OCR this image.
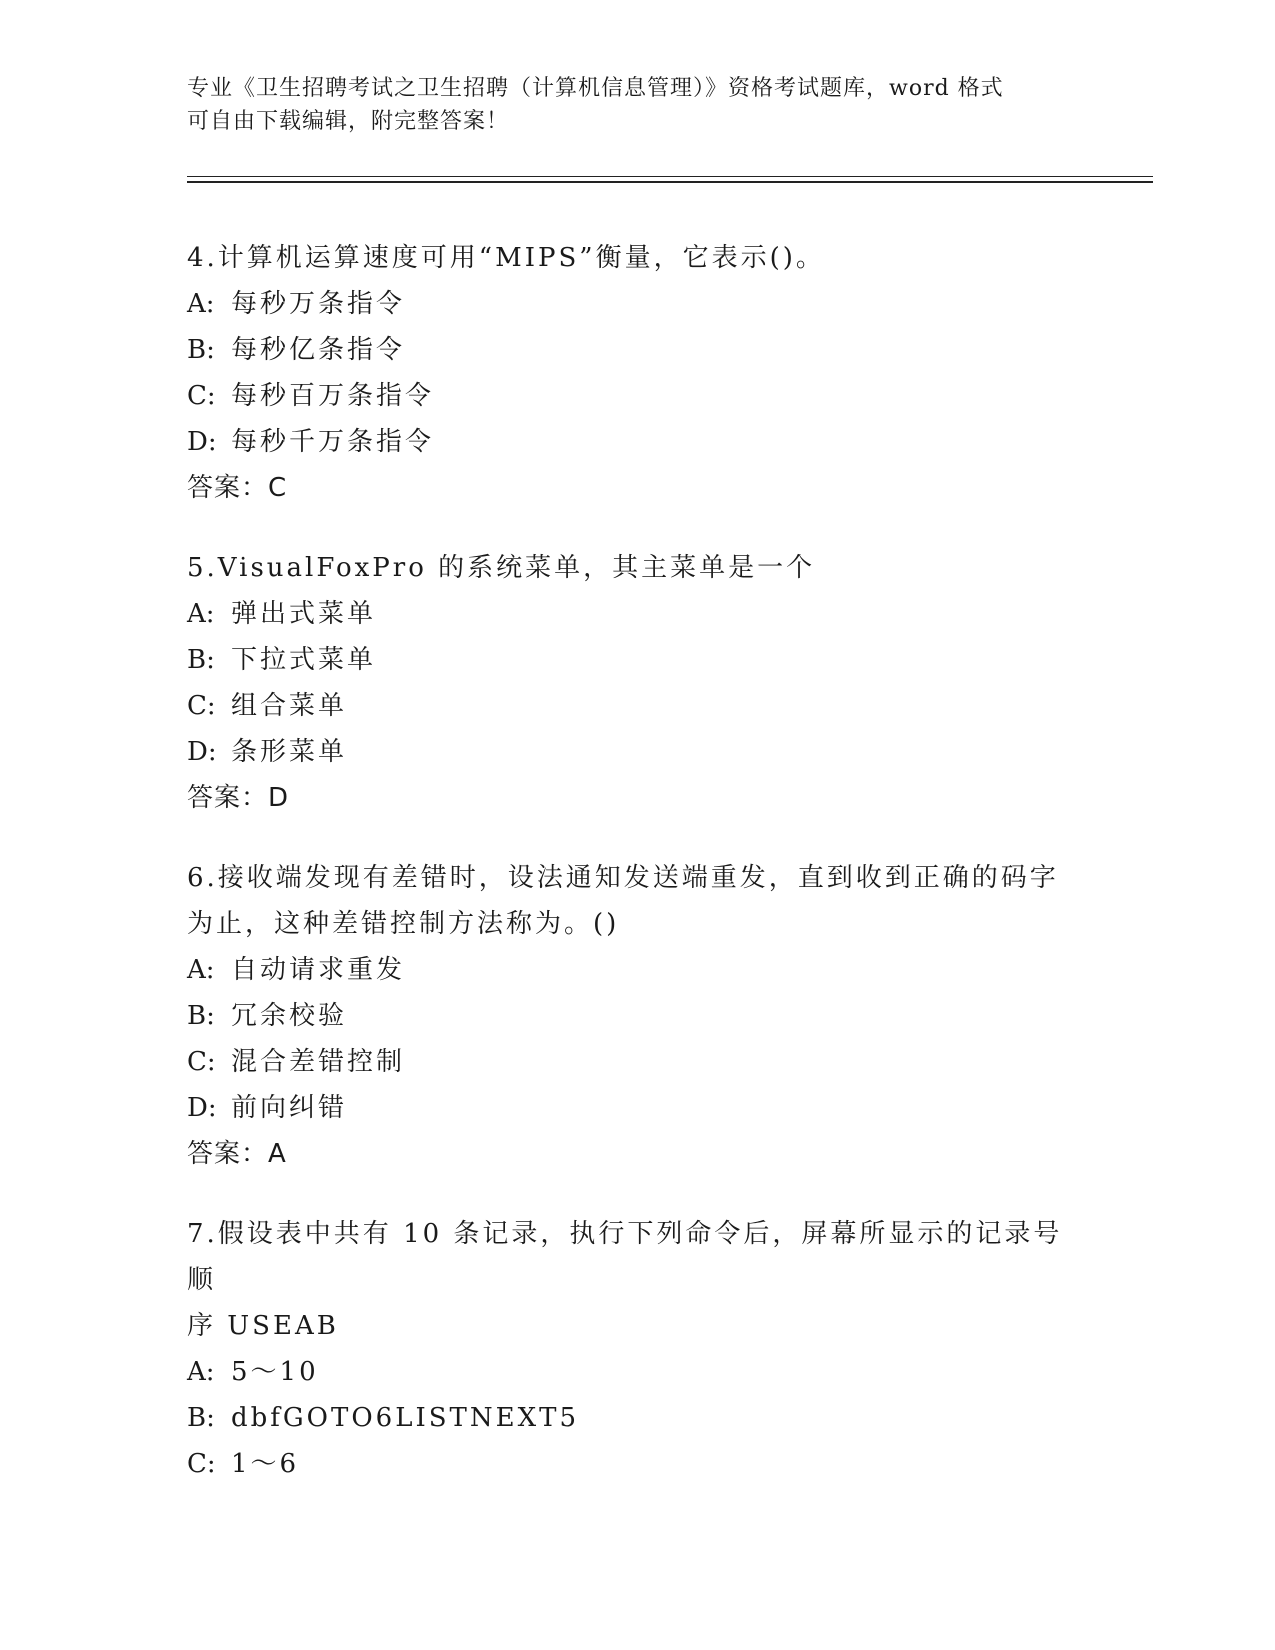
专业《卫生招聘考试之卫生招聘（计算机信息管理）》资格考试题库，word 格式
可自由下载编辑，附完整答案！
4.计算机运算速度可用“MIPS”衡量，它表示()。
A: 每秒万条指令
B: 每秒亿条指令
C: 每秒百万条指令
D: 每秒千万条指令
答案：C
5.VisualFoxPro 的系统菜单，其主菜单是一个
A: 弹出式菜单
B: 下拉式菜单
C: 组合菜单
D: 条形菜单
答案：D
6.接收端发现有差错时，设法通知发送端重发，直到收到正确的码字
为止，这种差错控制方法称为。()
A: 自动请求重发
B: 冗余校验
C: 混合差错控制
D: 前向纠错
答案：A
7.假设表中共有 10 条记录，执行下列命令后，屏幕所显示的记录号顺
序 USEAB
A: 5～10
B: dbfGOTO6LISTNEXT5
C: 1～6
